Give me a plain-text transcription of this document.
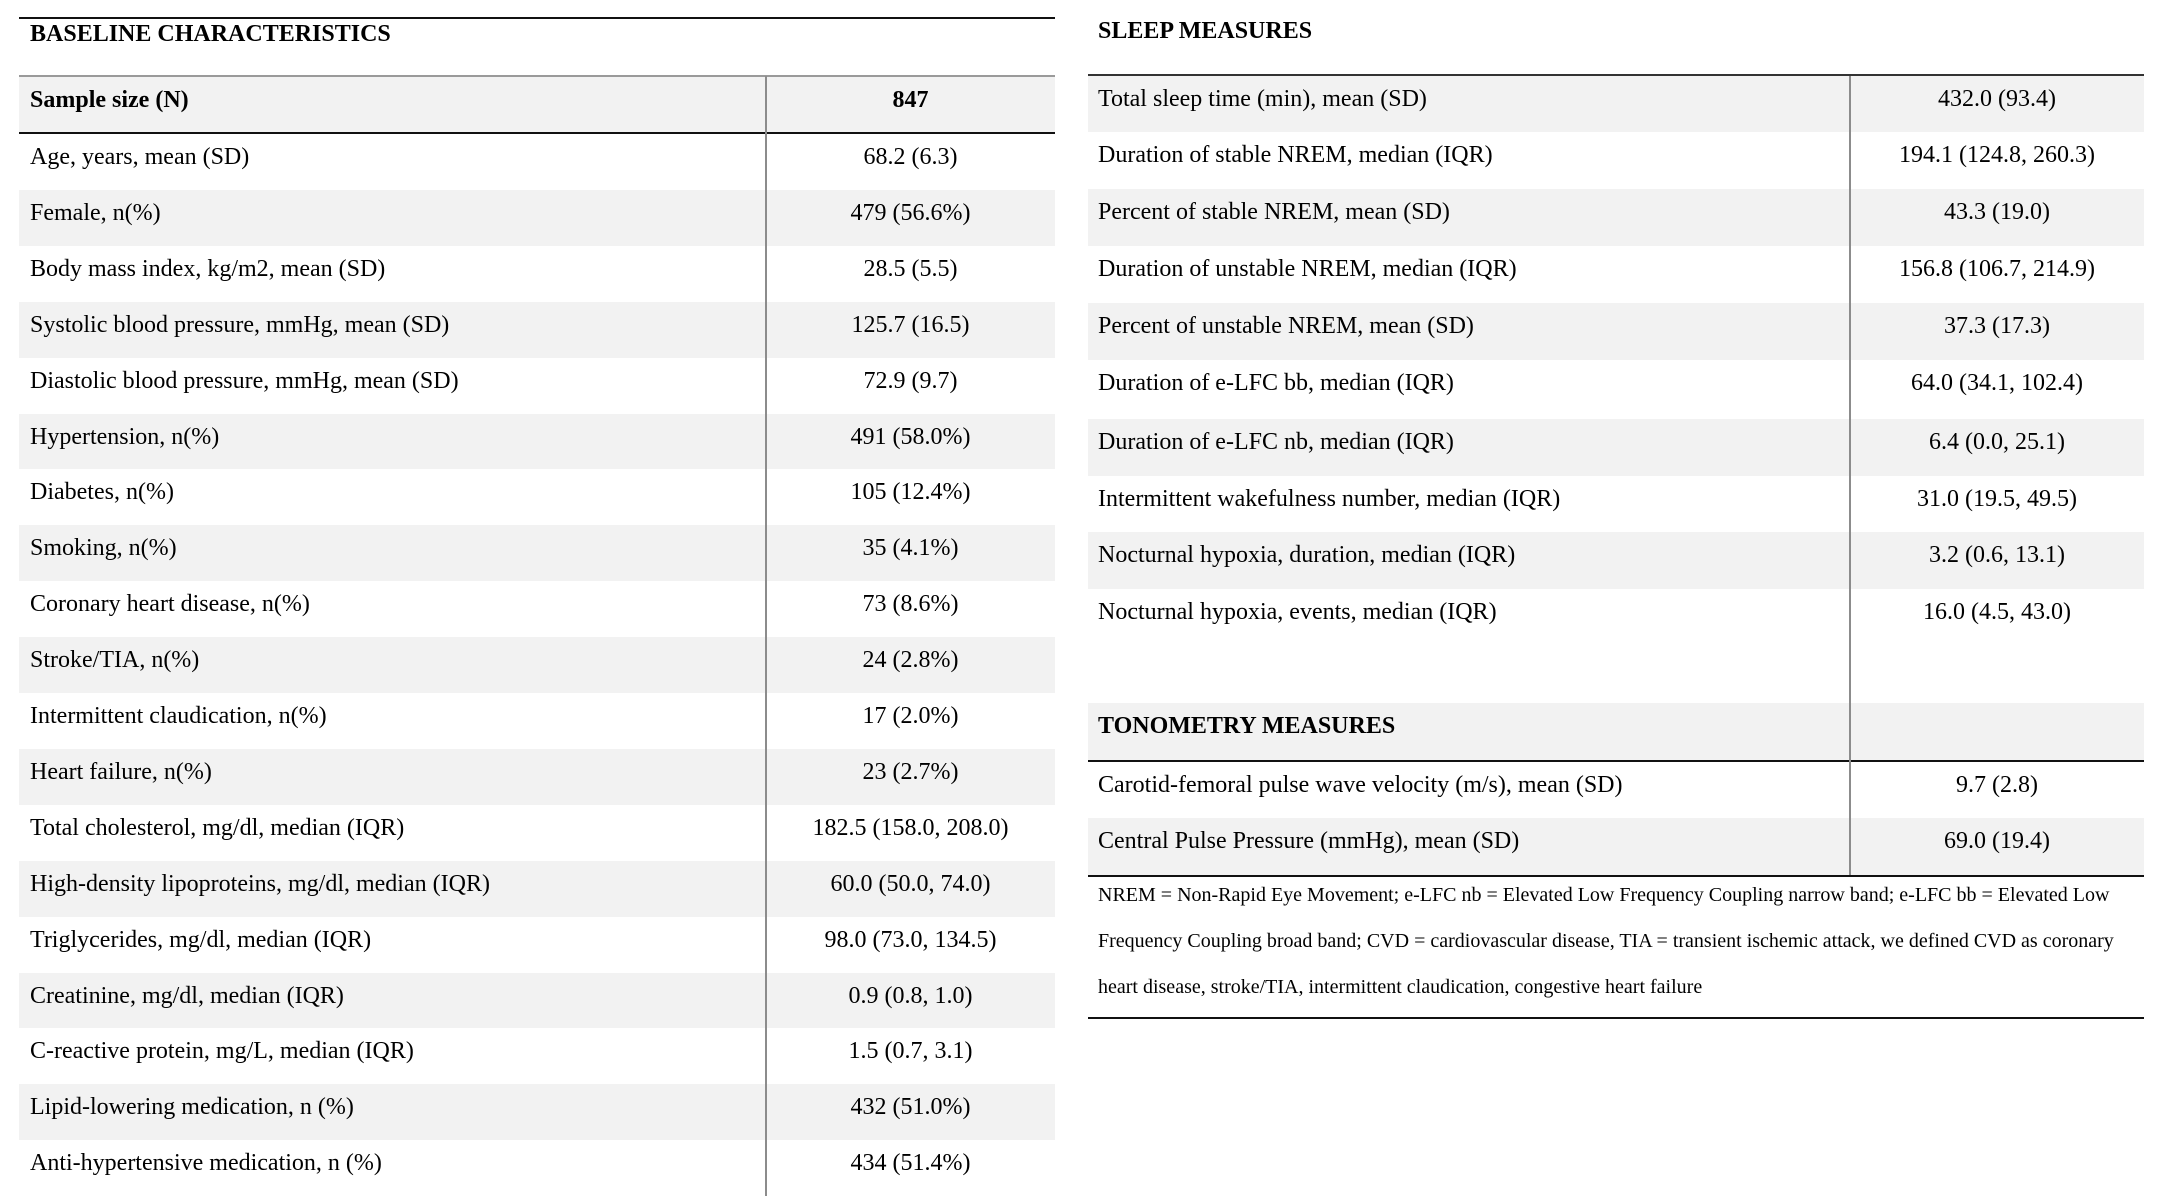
BASELINE CHARACTERISTICS
Sample size (N)	847
Age, years, mean (SD)	68.2 (6.3)
Female, n(%)	479 (56.6%)
Body mass index, kg/m2, mean (SD)	28.5 (5.5)
Systolic blood pressure, mmHg, mean (SD)	125.7 (16.5)
Diastolic blood pressure, mmHg, mean (SD)	72.9 (9.7)
Hypertension, n(%)	491 (58.0%)
Diabetes, n(%)	105 (12.4%)
Smoking, n(%)	35 (4.1%)
Coronary heart disease, n(%)	73 (8.6%)
Stroke/TIA, n(%)	24 (2.8%)
Intermittent claudication, n(%)	17 (2.0%)
Heart failure, n(%)	23 (2.7%)
Total cholesterol, mg/dl, median (IQR)	182.5 (158.0, 208.0)
High-density lipoproteins, mg/dl, median (IQR)	60.0 (50.0, 74.0)
Triglycerides, mg/dl, median (IQR)	98.0 (73.0, 134.5)
Creatinine, mg/dl, median (IQR)	0.9 (0.8, 1.0)
C-reactive protein, mg/L, median (IQR)	1.5 (0.7, 3.1)
Lipid-lowering medication, n (%)	432 (51.0%)
Anti-hypertensive medication, n (%)	434 (51.4%)
SLEEP MEASURES
Total sleep time (min), mean (SD)	432.0 (93.4)
Duration of stable NREM, median (IQR)	194.1 (124.8, 260.3)
Percent of stable NREM, mean (SD)	43.3 (19.0)
Duration of unstable NREM, median (IQR)	156.8 (106.7, 214.9)
Percent of unstable NREM, mean (SD)	37.3 (17.3)
Duration of e-LFC bb, median (IQR)	64.0 (34.1, 102.4)
Duration of e-LFC nb, median (IQR)	6.4 (0.0, 25.1)
Intermittent wakefulness number, median (IQR)	31.0 (19.5, 49.5)
Nocturnal hypoxia, duration, median (IQR)	3.2 (0.6, 13.1)
Nocturnal hypoxia, events, median (IQR)	16.0 (4.5, 43.0)
TONOMETRY MEASURES
Carotid-femoral pulse wave velocity (m/s), mean (SD)	9.7 (2.8)
Central Pulse Pressure (mmHg), mean (SD)	69.0 (19.4)
NREM = Non-Rapid Eye Movement; e-LFC nb = Elevated Low Frequency Coupling narrow band; e-LFC bb = Elevated Low
Frequency Coupling broad band; CVD = cardiovascular disease, TIA = transient ischemic attack, we defined CVD as coronary
heart disease, stroke/TIA, intermittent claudication, congestive heart failure
